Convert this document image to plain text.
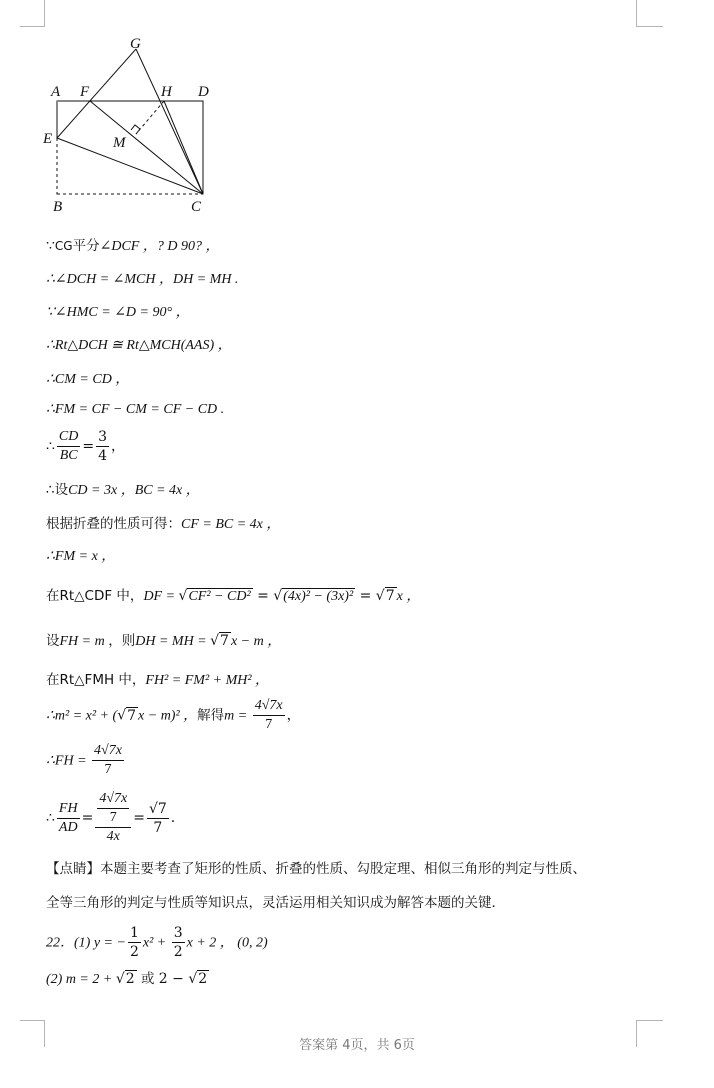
G
A F	H D
E	M
B	C
∵CG平分∠DCF ，? D 90? ，
∴∠DCH = ∠MCH ，DH = MH .
∵∠HMC = ∠D = 90° ，
∴Rt△DCH ≅ Rt△MCH(AAS) ，
∴CM = CD ，
∴FM = CF − CM = CF − CD .
∴ $\frac{CD}{BC} = \frac{3}{4}$ ，
∴设CD = 3x ，BC = 4x ，
根据折叠的性质可得：CF = BC = 4x ，
∴FM = x ，
在Rt△CDF 中，DF = √CF² − CD² = √(4x)² − (3x)² = √7 x ，
设FH = m ，则DH = MH = √7 x − m ，
在Rt△FMH 中，FH² = FM² + MH² ，
∴m² = x² + (√7 x − m)² ，解得$m = \frac{4√7x}{7}$ ，
∴FH = $\frac{4√7x}{7}$
∴ $\frac{FH}{AD} = \frac{\frac{4√7x}{7}}{4x} = \frac{√7}{7}$ .
【点睛】本题主要考查了矩形的性质、折叠的性质、勾股定理、相似三角形的判定与性质、
全等三角形的判定与性质等知识点，灵活运用相关知识成为解答本题的关键．
22．(1) y = − $\frac{1}{2} x^2 + \frac{3}{2}$ x + 2 ， (0, 2)
(2) m = 2 + √2 或 2 − √2
答案第 4页，共 6页
